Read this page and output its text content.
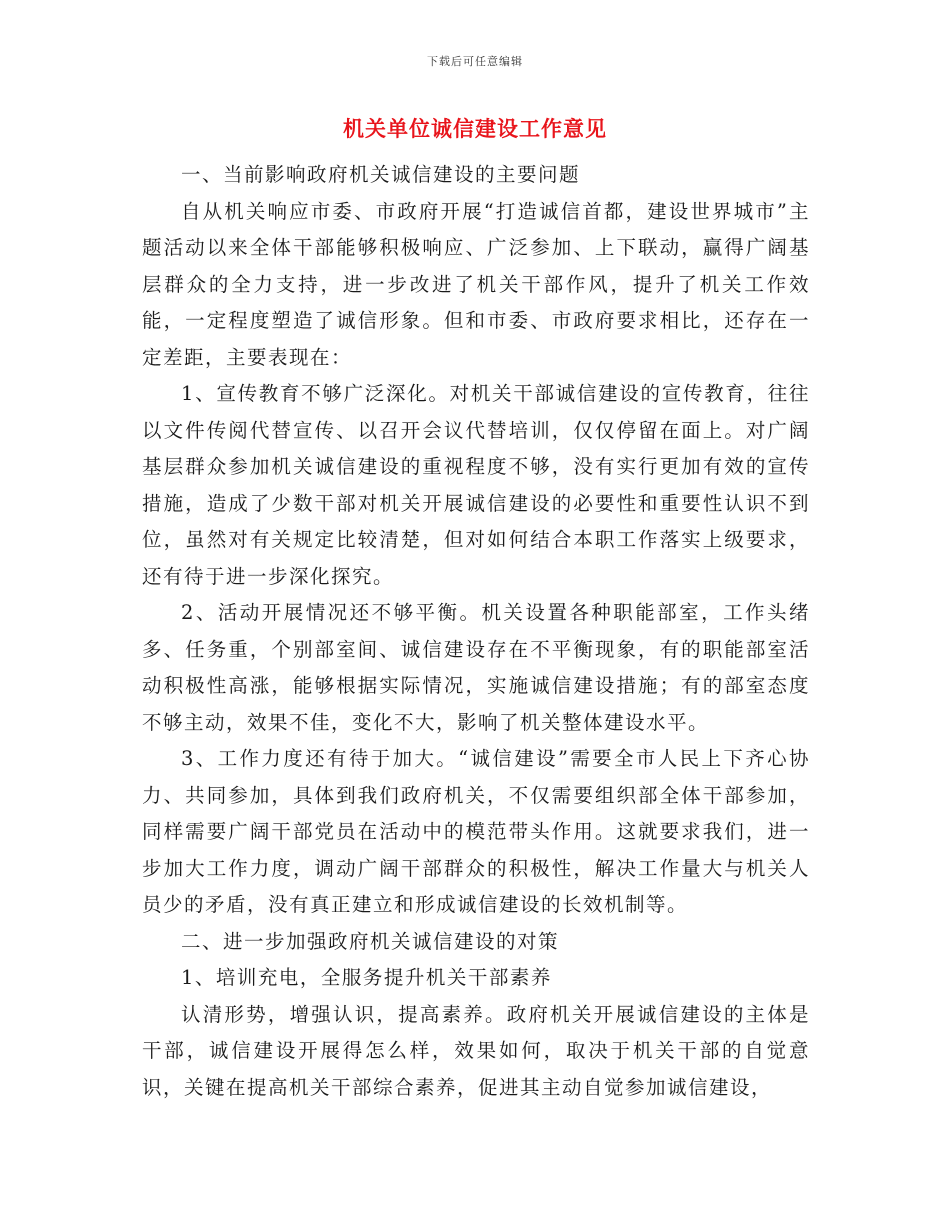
下载后可任意编辑
机关单位诚信建设工作意见

一、当前影响政府机关诚信建设的主要问题

自从机关响应市委、市政府开展“打造诚信首都，建设世界城市”主题活动以来全体干部能够积极响应、广泛参加、上下联动，赢得广阔基层群众的全力支持，进一步改进了机关干部作风，提升了机关工作效能，一定程度塑造了诚信形象。但和市委、市政府要求相比，还存在一定差距，主要表现在：

1、宣传教育不够广泛深化。对机关干部诚信建设的宣传教育，往往以文件传阅代替宣传、以召开会议代替培训，仅仅停留在面上。对广阔基层群众参加机关诚信建设的重视程度不够，没有实行更加有效的宣传措施，造成了少数干部对机关开展诚信建设的必要性和重要性认识不到位，虽然对有关规定比较清楚，但对如何结合本职工作落实上级要求，还有待于进一步深化探究。

2、活动开展情况还不够平衡。机关设置各种职能部室，工作头绪多、任务重，个别部室间、诚信建设存在不平衡现象，有的职能部室活动积极性高涨，能够根据实际情况，实施诚信建设措施；有的部室态度不够主动，效果不佳，变化不大，影响了机关整体建设水平。

3、工作力度还有待于加大。“诚信建设”需要全市人民上下齐心协力、共同参加，具体到我们政府机关，不仅需要组织部全体干部参加，同样需要广阔干部党员在活动中的模范带头作用。这就要求我们，进一步加大工作力度，调动广阔干部群众的积极性，解决工作量大与机关人员少的矛盾，没有真正建立和形成诚信建设的长效机制等。

二、进一步加强政府机关诚信建设的对策

1、培训充电，全服务提升机关干部素养

认清形势，增强认识，提高素养。政府机关开展诚信建设的主体是干部，诚信建设开展得怎么样，效果如何，取决于机关干部的自觉意识，关键在提高机关干部综合素养，促进其主动自觉参加诚信建设，
